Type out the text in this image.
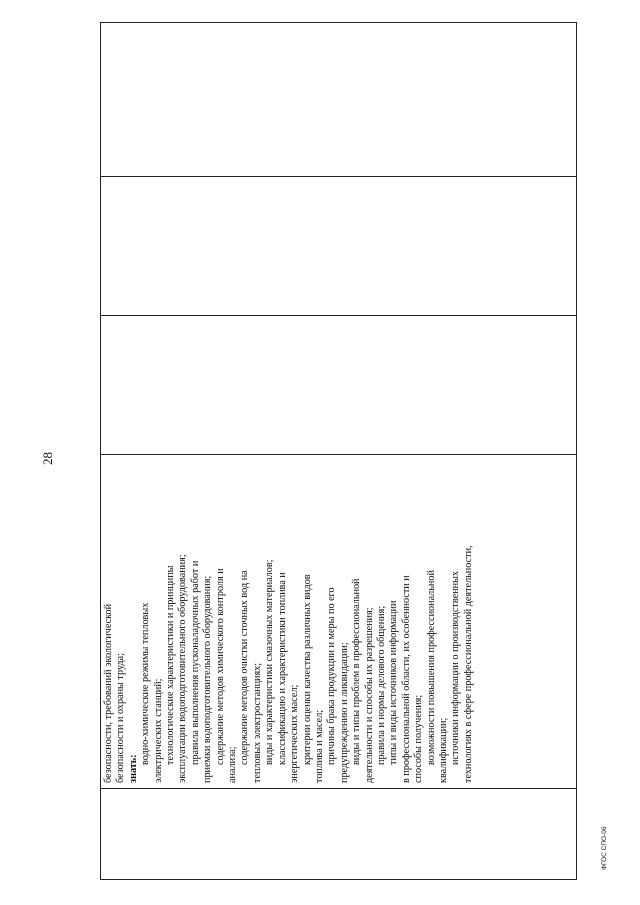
28

безопасности, требований экологической безопасности и охраны труда; знать:
водно-химические режимы тепловых электрических станций; технологические характеристики и принципы эксплуатации водоподготовительного оборудования; правила выполнения пусконаладочных работ и приемки водоподготовительного оборудования; содержание методов химического контроля и анализа; содержание методов очистки сточных вод на тепловых электростанциях; виды и характеристики смазочных материалов; классификацию и характеристики топлива и энергетических масел; критерии оценки качества различных видов топлива и масел; причины брака продукции и меры по его предупреждению и ликвидации; виды и типы проблем в профессиональной деятельности и способы их разрешения; правила и нормы делового общения; типы и виды источников информации в профессиональной области, их особенности и способы получения; возможности повышения профессиональной квалификации; источники информации о производственных технологиях в сфере профессиональной деятельности,

ФГОС СПО-06
